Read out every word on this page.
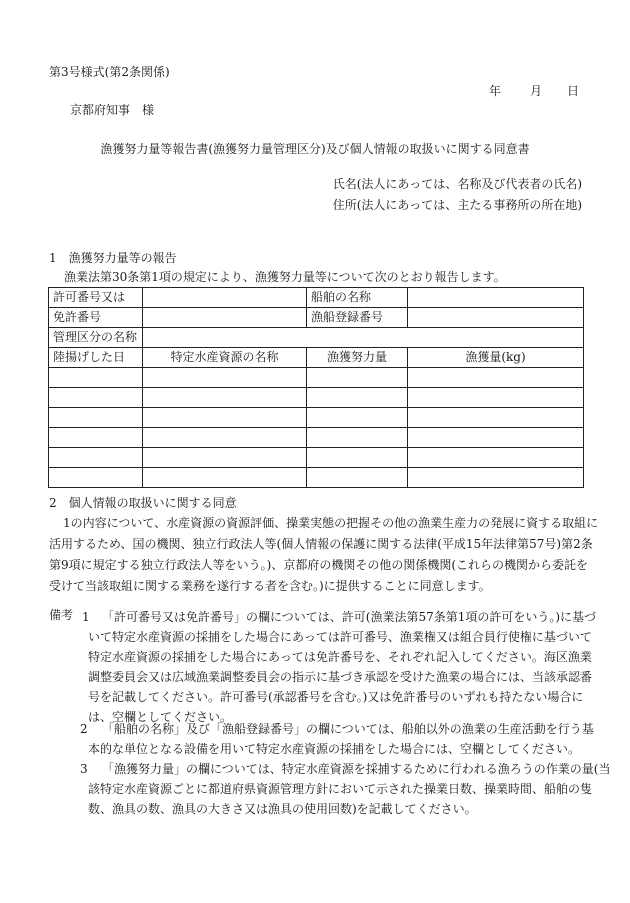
第3号様式(第2条関係)
年 月 日
京都府知事　様
漁獲努力量等報告書(漁獲努力量管理区分)及び個人情報の取扱いに関する同意書
氏名(法人にあっては、名称及び代表者の氏名)
住所(法人にあっては、主たる事務所の所在地)
1　漁獲努力量等の報告
漁業法第30条第1項の規定により、漁獲努力量等について次のとおり報告します。
許可番号又は		船舶の名称	
免許番号		漁船登録番号	
管理区分の名称			
陸揚げした日	特定水産資源の名称	漁獲努力量	漁獲量(kg)

2　個人情報の取扱いに関する同意
1の内容について、水産資源の資源評価、操業実態の把握その他の漁業生産力の発展に資する取組に
活用するため、国の機関、独立行政法人等(個人情報の保護に関する法律(平成15年法律第57号)第2条
第9項に規定する独立行政法人等をいう。)、京都府の機関その他の関係機関(これらの機関から委託を
受けて当該取組に関する業務を遂行する者を含む。)に提供することに同意します。
備考 1	「許可番号又は免許番号」の欄については、許可(漁業法第57条第1項の許可をいう。)に基づ
いて特定水産資源の採捕をした場合にあっては許可番号、漁業権又は組合員行使権に基づいて
特定水産資源の採捕をした場合にあっては免許番号を、それぞれ記入してください。海区漁業
調整委員会又は広域漁業調整委員会の指示に基づき承認を受けた漁業の場合には、当該承認番
号を記載してください。許可番号(承認番号を含む。)又は免許番号のいずれも持たない場合に
は、空欄としてください。
2	「船舶の名称」及び「漁船登録番号」の欄については、船舶以外の漁業の生産活動を行う基
本的な単位となる設備を用いて特定水産資源の採捕をした場合には、空欄としてください。
3	「漁獲努力量」の欄については、特定水産資源を採捕するために行われる漁ろうの作業の量(当
該特定水産資源ごとに都道府県資源管理方針において示された操業日数、操業時間、船舶の隻
数、漁具の数、漁具の大きさ又は漁具の使用回数)を記載してください。
